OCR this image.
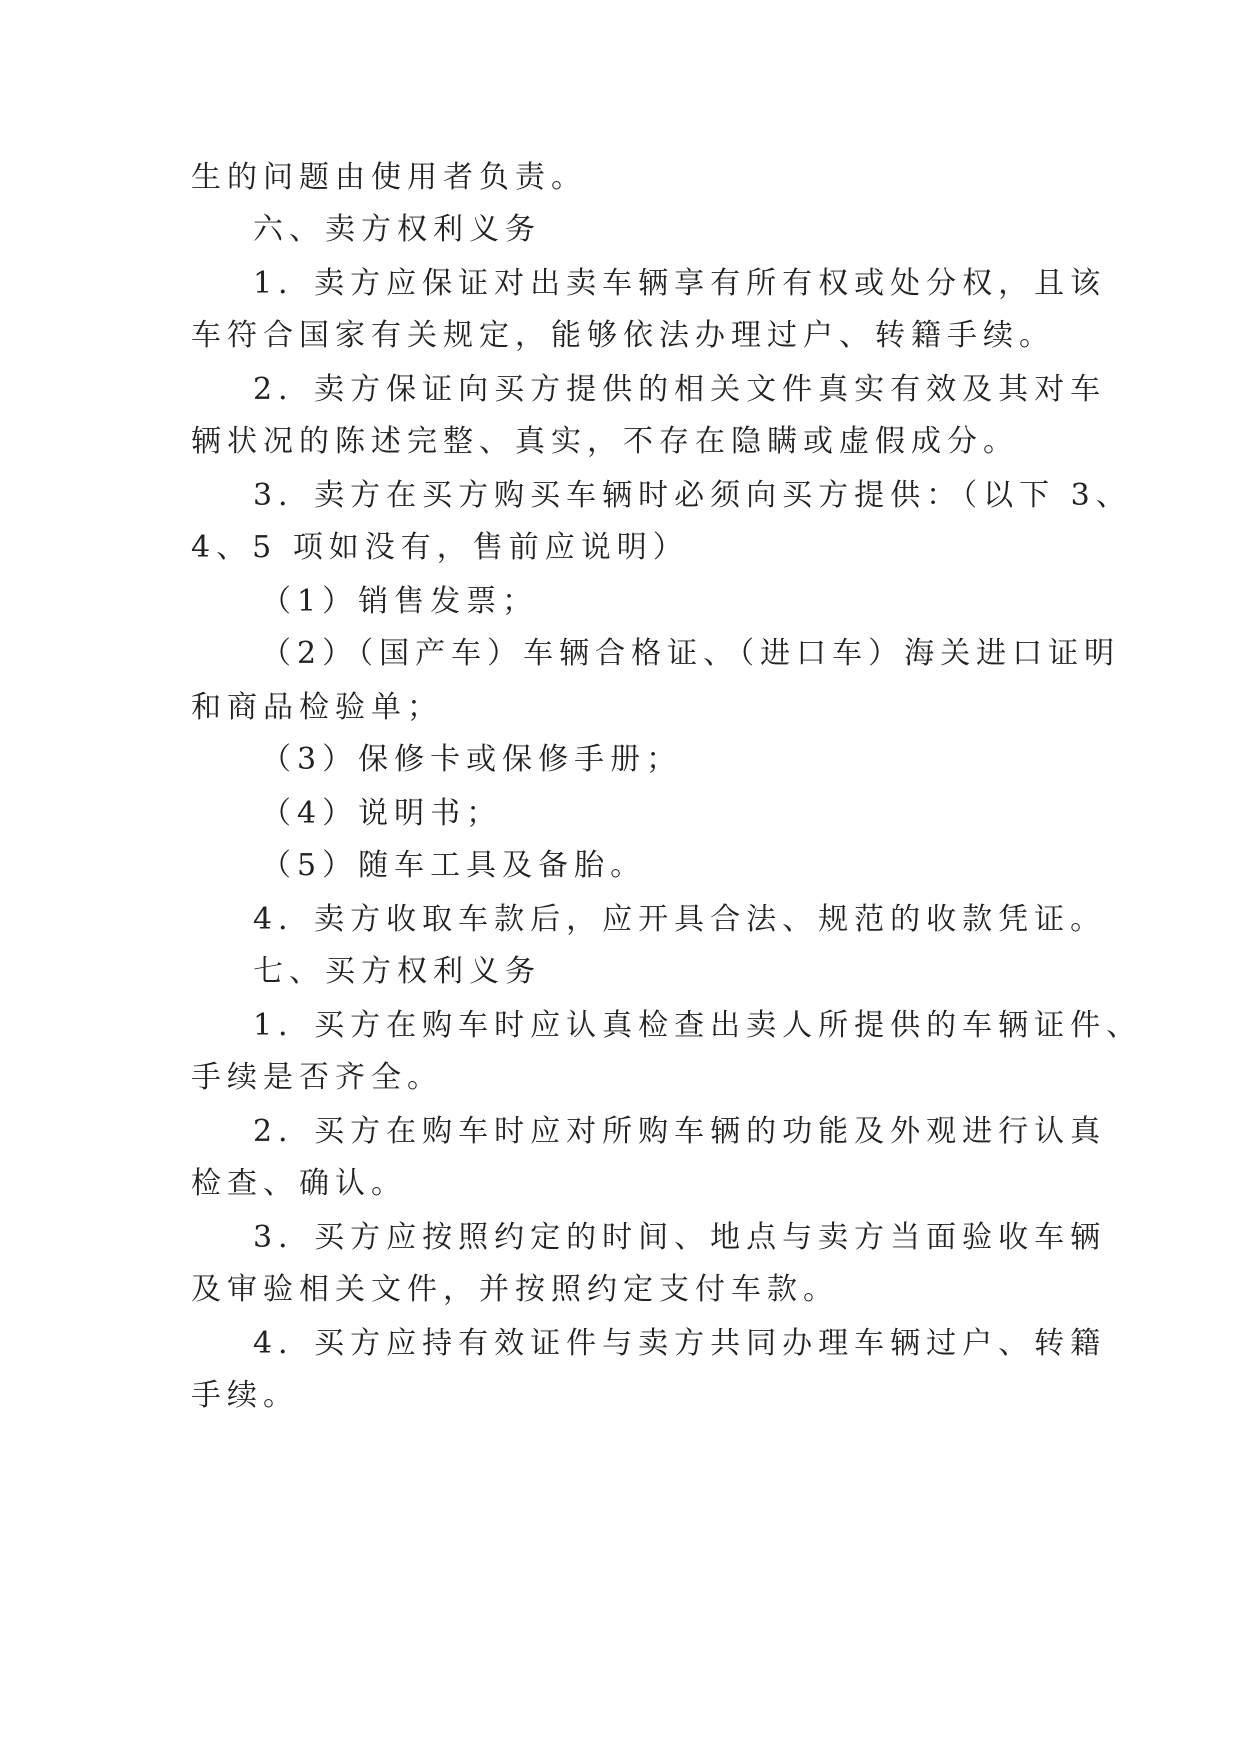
生的问题由使用者负责。
六、卖方权利义务
1．卖方应保证对出卖车辆享有所有权或处分权，且该
车符合国家有关规定，能够依法办理过户、转籍手续。
2．卖方保证向买方提供的相关文件真实有效及其对车
辆状况的陈述完整、真实，不存在隐瞒或虚假成分。
3．卖方在买方购买车辆时必须向买方提供：（以下 3、
4、5 项如没有，售前应说明）
（1）销售发票；
（2）（国产车）车辆合格证、（进口车）海关进口证明
和商品检验单；
（3）保修卡或保修手册；
（4）说明书；
（5）随车工具及备胎。
4．卖方收取车款后，应开具合法、规范的收款凭证。
七、买方权利义务
1．买方在购车时应认真检查出卖人所提供的车辆证件、
手续是否齐全。
2．买方在购车时应对所购车辆的功能及外观进行认真
检查、确认。
3．买方应按照约定的时间、地点与卖方当面验收车辆
及审验相关文件，并按照约定支付车款。
4．买方应持有效证件与卖方共同办理车辆过户、转籍
手续。
